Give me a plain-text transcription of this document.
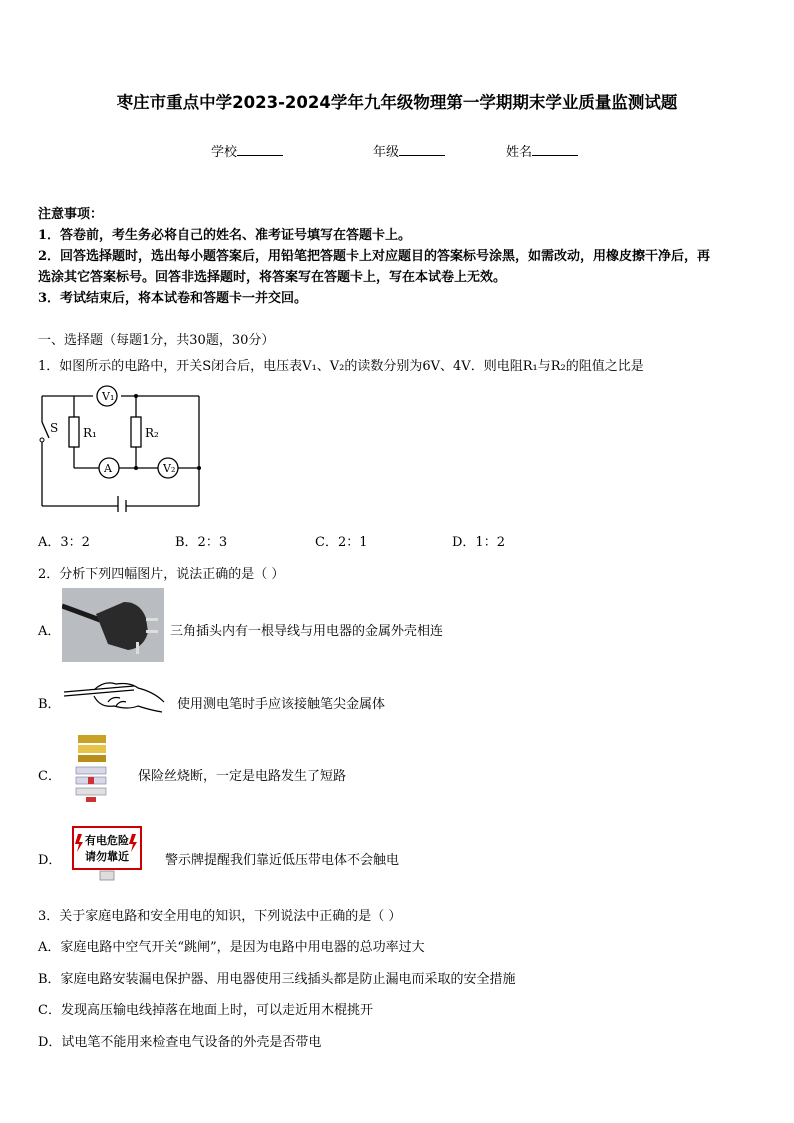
枣庄市重点中学2023-2024学年九年级物理第一学期期末学业质量监测试题
学校	年级	姓名
注意事项：
1．答卷前，考生务必将自己的姓名、准考证号填写在答题卡上。
2．回答选择题时，选出每小题答案后，用铅笔把答题卡上对应题目的答案标号涂黑，如需改动，用橡皮擦干净后，再
选涂其它答案标号。回答非选择题时，将答案写在答题卡上，写在本试卷上无效。
3．考试结束后，将本试卷和答题卡一并交回。
一、选择题（每题1分，共30题，30分）
1．如图所示的电路中，开关S闭合后，电压表V₁、V₂的读数分别为6V、4V．则电阻R₁与R₂的阻值之比是
V₁
A	V₂
S R₁	R₂
A．3：2	B．2：3	C．2：1	D．1：2
2．分析下列四幅图片，说法正确的是（ ）
A．	三角插头内有一根导线与用电器的金属外壳相连
B．	使用测电笔时手应该接触笔尖金属体
C．	保险丝烧断，一定是电路发生了短路
D．
有电危险
请勿靠近	警示牌提醒我们靠近低压带电体不会触电
3．关于家庭电路和安全用电的知识，下列说法中正确的是（ ）
A．家庭电路中空气开关“跳闸”，是因为电路中用电器的总功率过大
B．家庭电路安装漏电保护器、用电器使用三线插头都是防止漏电而采取的安全措施
C．发现高压输电线掉落在地面上时，可以走近用木棍挑开
D．试电笔不能用来检查电气设备的外壳是否带电
